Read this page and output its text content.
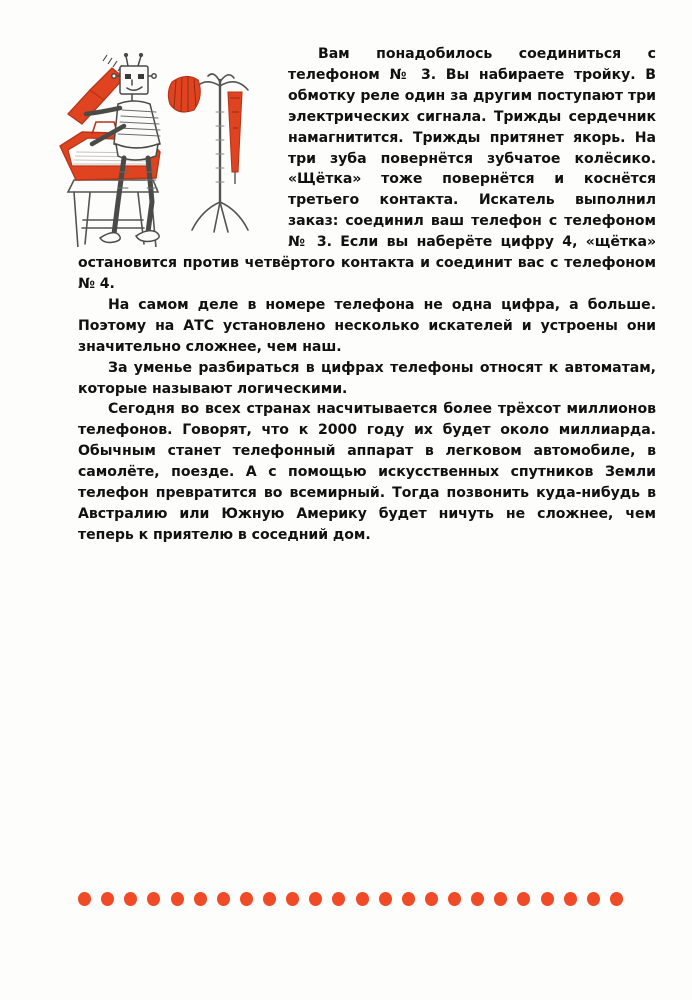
Вам понадобилось соединиться с телефоном № 3. Вы набираете тройку. В обмотку реле один за другим поступают три электрических сигнала. Трижды сердечник намагнитится. Трижды притянет якорь. На три зуба повернётся зубчатое колёсико. «Щётка» тоже повернётся и коснётся третьего контакта. Искатель выполнил заказ: соединил ваш телефон с телефоном № 3. Если вы наберёте цифру 4, «щётка» остановится против четвёртого контакта и соединит вас с телефоном № 4.

На самом деле в номере телефона не одна цифра, а больше. Поэтому на АТС установлено несколько искателей и устроены они значительно сложнее, чем наш.

За уменье разбираться в цифрах телефоны относят к автоматам, которые называют логическими.

Сегодня во всех странах насчитывается более трёхсот миллионов телефонов. Говорят, что к 2000 году их будет около миллиарда. Обычным станет телефонный аппарат в легковом автомобиле, в самолёте, поезде. А с помощью искусственных спутников Земли телефон превратится во всемирный. Тогда позвонить куда-нибудь в Австралию или Южную Америку будет ничуть не сложнее, чем теперь к приятелю в соседний дом.
